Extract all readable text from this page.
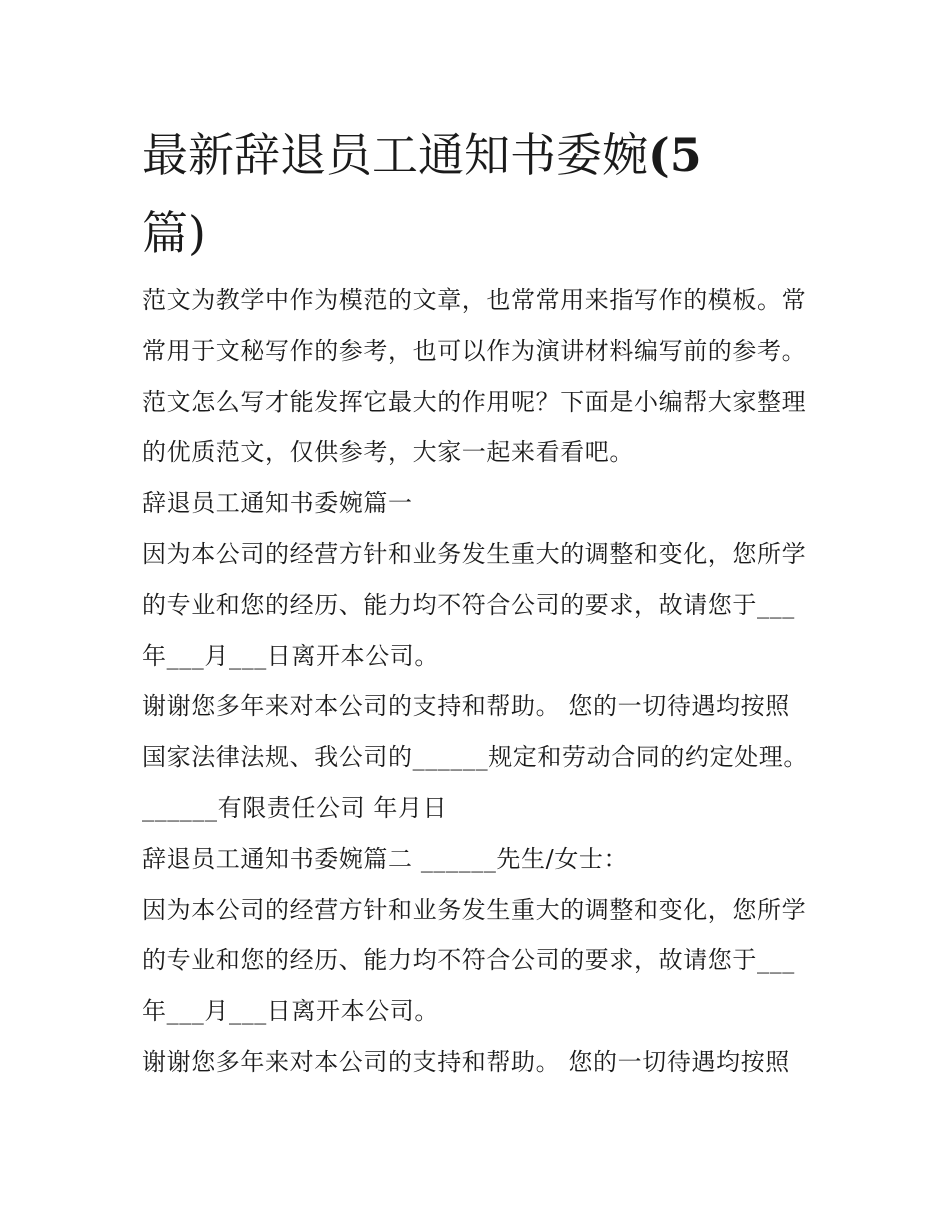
最新辞退员工通知书委婉(5
篇)

范文为教学中作为模范的文章，也常常用来指写作的模板。常

常用于文秘写作的参考，也可以作为演讲材料编写前的参考。

范文怎么写才能发挥它最大的作用呢？下面是小编帮大家整理

的优质范文，仅供参考，大家一起来看看吧。

辞退员工通知书委婉篇一

因为本公司的经营方针和业务发生重大的调整和变化，您所学

的专业和您的经历、能力均不符合公司的要求，故请您于___

年___月___日离开本公司。

谢谢您多年来对本公司的支持和帮助。 您的一切待遇均按照

国家法律法规、我公司的______规定和劳动合同的约定处理。

______有限责任公司 年月日

辞退员工通知书委婉篇二 ______先生/女士：

因为本公司的经营方针和业务发生重大的调整和变化，您所学

的专业和您的经历、能力均不符合公司的要求，故请您于___

年___月___日离开本公司。

谢谢您多年来对本公司的支持和帮助。 您的一切待遇均按照
